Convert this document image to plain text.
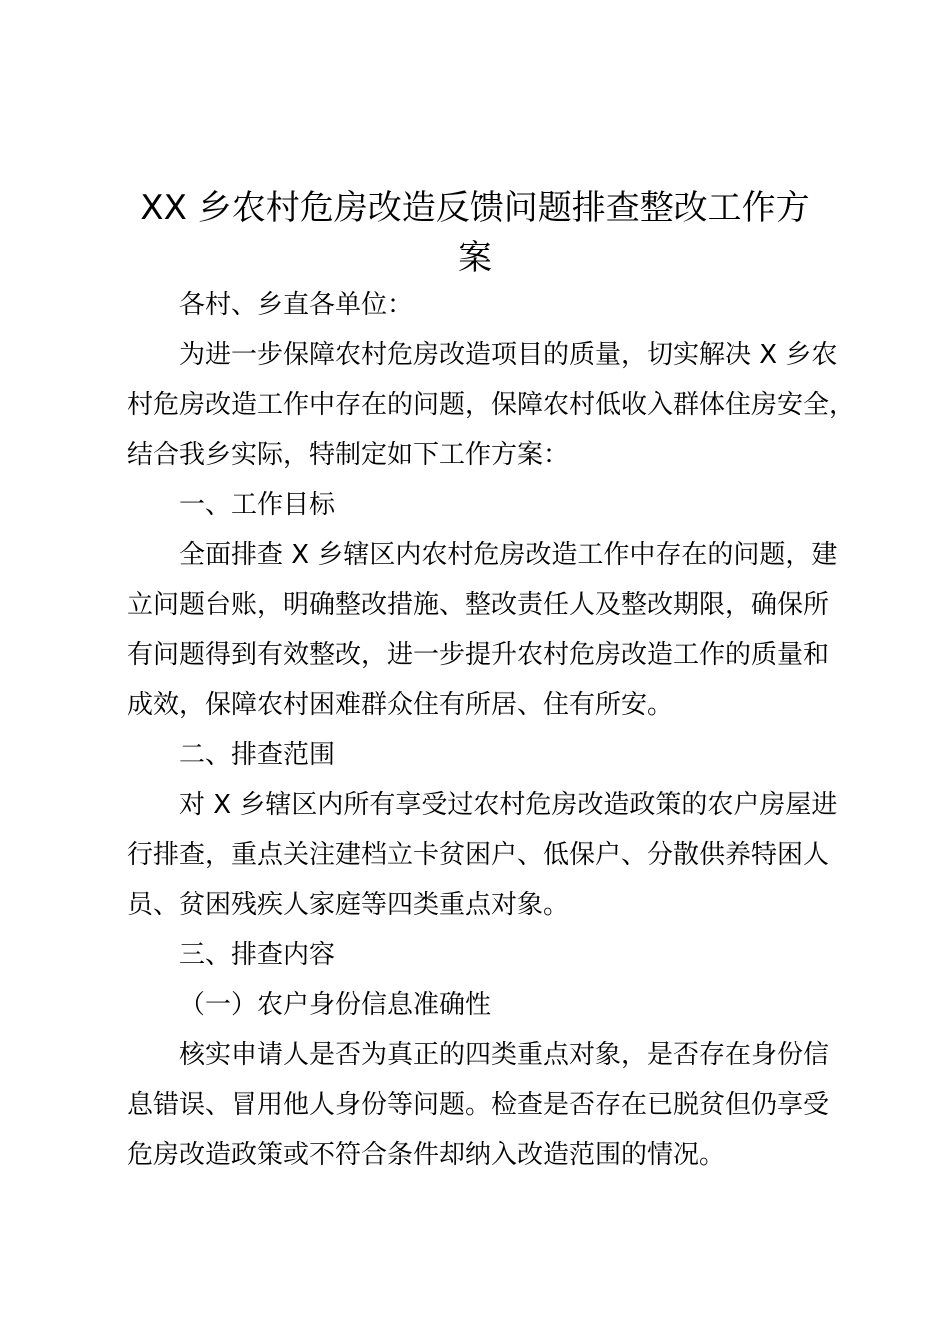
XX 乡农村危房改造反馈问题排查整改工作方
案

各村、乡直各单位：

为进一步保障农村危房改造项目的质量，切实解决 X 乡农

村危房改造工作中存在的问题，保障农村低收入群体住房安全，

结合我乡实际，特制定如下工作方案：

一、工作目标

全面排查 X 乡辖区内农村危房改造工作中存在的问题，建

立问题台账，明确整改措施、整改责任人及整改期限，确保所

有问题得到有效整改，进一步提升农村危房改造工作的质量和

成效，保障农村困难群众住有所居、住有所安。

二、排查范围

对 X 乡辖区内所有享受过农村危房改造政策的农户房屋进

行排查，重点关注建档立卡贫困户、低保户、分散供养特困人

员、贫困残疾人家庭等四类重点对象。

三、排查内容

（一）农户身份信息准确性

核实申请人是否为真正的四类重点对象，是否存在身份信

息错误、冒用他人身份等问题。检查是否存在已脱贫但仍享受

危房改造政策或不符合条件却纳入改造范围的情况。
